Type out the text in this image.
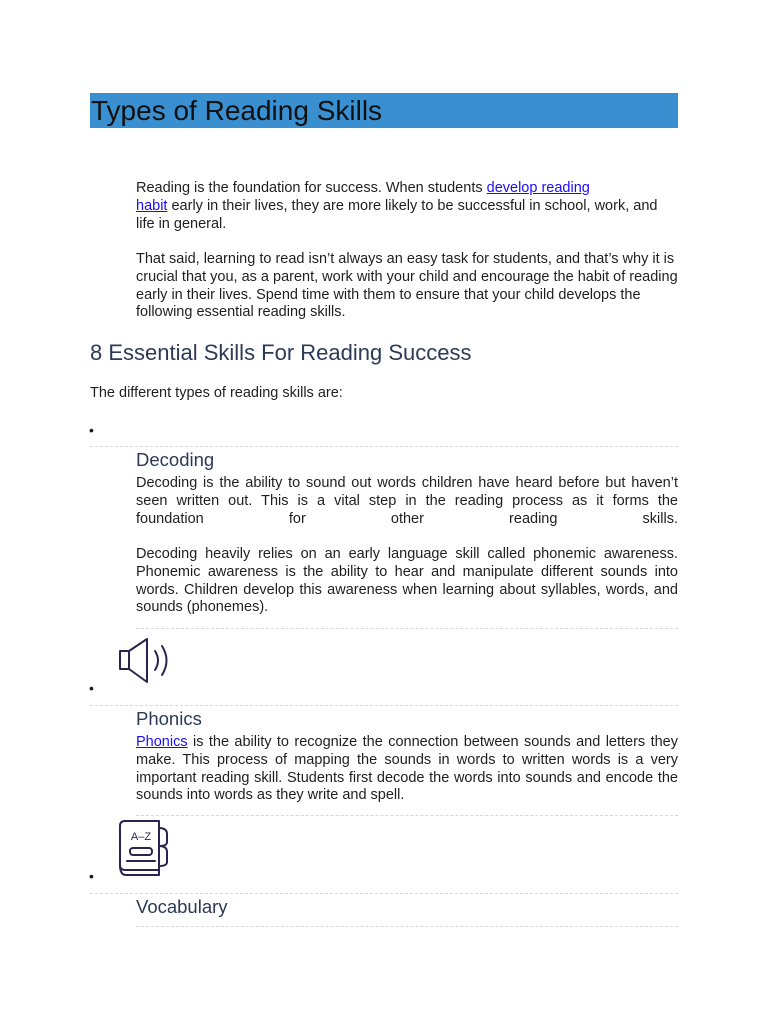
Types of Reading Skills

Reading is the foundation for success. When students develop reading
habit early in their lives, they are more likely to be successful in school, work, and life in general.

That said, learning to read isn’t always an easy task for students, and that’s why it is crucial that you, as a parent, work with your child and encourage the habit of reading early in their lives. Spend time with them to ensure that your child develops the following essential reading skills.

8 Essential Skills For Reading Success

The different types of reading skills are:

•
Decoding
Decoding is the ability to sound out words children have heard before but haven’t
seen written out. This is a vital step in the reading process as it forms the
foundation for other reading skills.

Decoding heavily relies on an early language skill called phonemic awareness. Phonemic awareness is the ability to hear and manipulate different sounds into words. Children develop this awareness when learning about syllables, words, and sounds (phonemes).

•
Phonics

Phonics is the ability to recognize the connection between sounds and letters they make. This process of mapping the sounds in words to written words is a very important reading skill. Students first decode the words into sounds and encode the sounds into words as they write and spell.

A–Z
•
Vocabulary
